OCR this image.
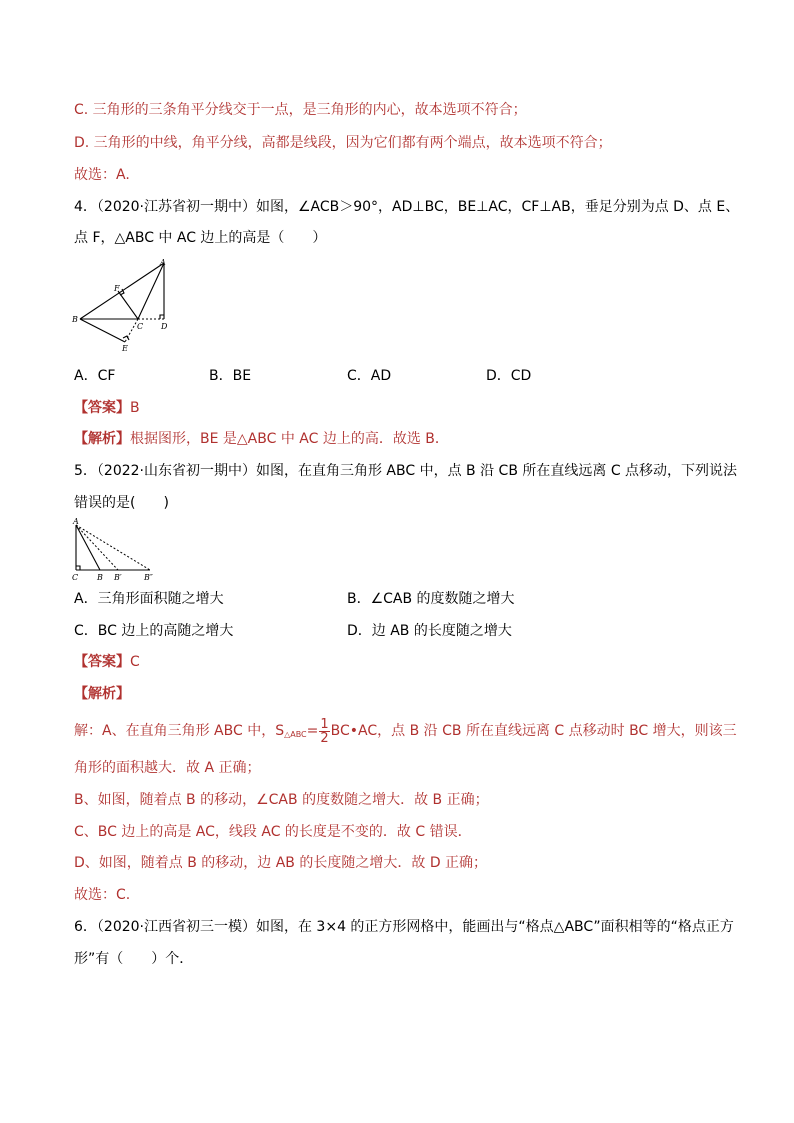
C. 三角形的三条角平分线交于一点，是三角形的内心，故本选项不符合；
D. 三角形的中线，角平分线，高都是线段，因为它们都有两个端点，故本选项不符合；
故选：A.
4．（2020·江苏省初一期中）如图，∠ACB＞90°，AD⊥BC，BE⊥AC，CF⊥AB，垂足分别为点 D、点 E、
点 F，△ABC 中 AC 边上的高是（　　）
A
F
B
C D
E
A．CF	B．BE	C．AD	D．CD
【答案】B
【解析】根据图形，BE 是△ABC 中 AC 边上的高．故选 B．
5．（2022·山东省初一期中）如图，在直角三角形 ABC 中，点 B 沿 CB 所在直线远离 C 点移动，下列说法
错误的是(　　)
A
C B B′	B″
A．三角形面积随之增大	B．∠CAB 的度数随之增大
C．BC 边上的高随之增大	D．边 AB 的长度随之增大
【答案】C
【解析】
解：A、在直角三角形 ABC 中，$S_{\triangle ABC}= \frac{1}{2}$ BC•AC，点 B 沿 CB 所在直线远离 C 点移动时 BC 增大，则该三
角形的面积越大．故 A 正确；
B、如图，随着点 B 的移动，∠CAB 的度数随之增大．故 B 正确；
C、BC 边上的高是 AC，线段 AC 的长度是不变的．故 C 错误．
D、如图，随着点 B 的移动，边 AB 的长度随之增大．故 D 正确；
故选：C.
6．（2020·江西省初三一模）如图，在 3×4 的正方形网格中，能画出与“格点△ABC”面积相等的“格点正方
形”有（　　）个．
